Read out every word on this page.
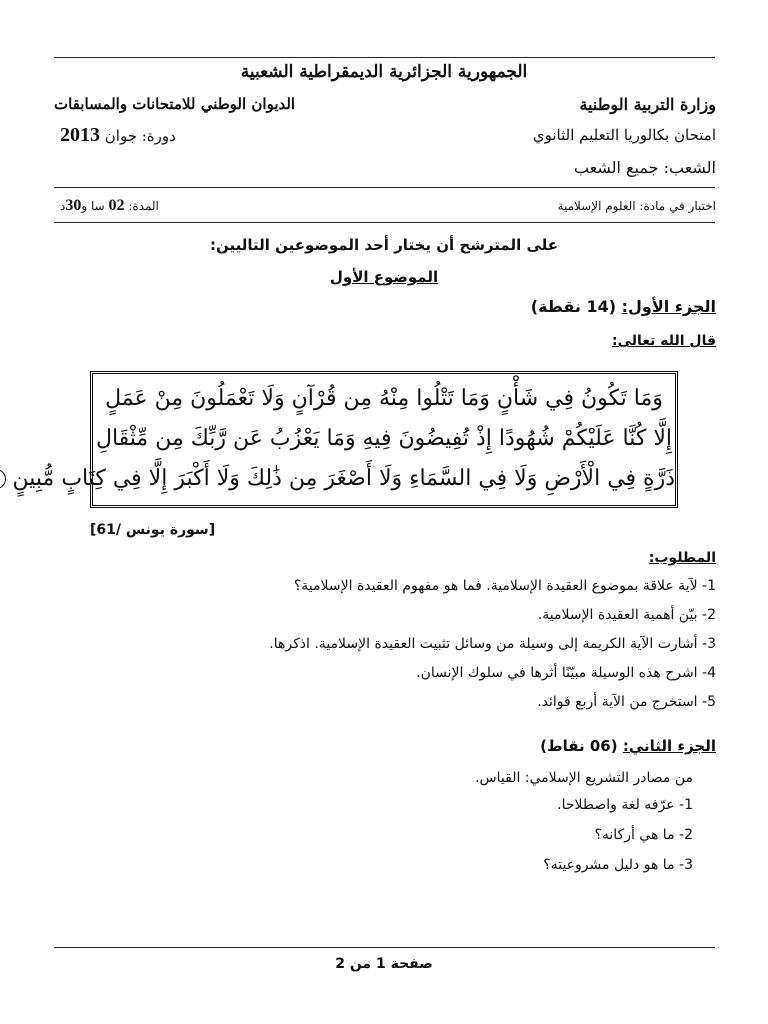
الجمهورية الجزائرية الديمقراطية الشعبية
وزارة التربية الوطنية
الديوان الوطني للامتحانات والمسابقات
امتحان بكالوريا التعليم الثانوي
دورة: جوان 2013
الشعب: جميع الشعب
اختبار في مادة: العلوم الإسلامية
المدة: 02 سا و30د
على المترشح أن يختار أحد الموضوعين التاليين:
الموضوع الأول
الجزء الأول: (14 نقطة)
قال الله تعالى:
وَمَا تَكُونُ فِي شَأْنٍ وَمَا تَتْلُوا مِنْهُ مِن قُرْآنٍ وَلَا تَعْمَلُونَ مِنْ عَمَلٍ
إِلَّا كُنَّا عَلَيْكُمْ شُهُودًا إِذْ تُفِيضُونَ فِيهِ وَمَا يَعْزُبُ عَن رَّبِّكَ مِن مِّثْقَالِ
ذَرَّةٍ فِي الْأَرْضِ وَلَا فِي السَّمَاءِ وَلَا أَصْغَرَ مِن ذَٰلِكَ وَلَا أَكْبَرَ إِلَّا فِي كِتَابٍ مُّبِينٍ
[سورة يونس /61]
المطلوب:
1- لآية علاقة بموضوع العقيدة الإسلامية. فما هو مفهوم العقيدة الإسلامية؟
2- بيّن أهمية العقيدة الإسلامية.
3- أشارت الآية الكريمة إلى وسيلة من وسائل تثبيت العقيدة الإسلامية. اذكرها.
4- اشرح هذه الوسيلة مبيّنًا أثرها في سلوك الإنسان.
5- استخرج من الآية أربع فوائد.
الجزء الثاني: (06 نقاط)
من مصادر التشريع الإسلامي: القياس.
1- عرّفه لغة واصطلاحا.
2- ما هي أركانه؟
3- ما هو دليل مشروعيته؟
صفحة 1 من 2
